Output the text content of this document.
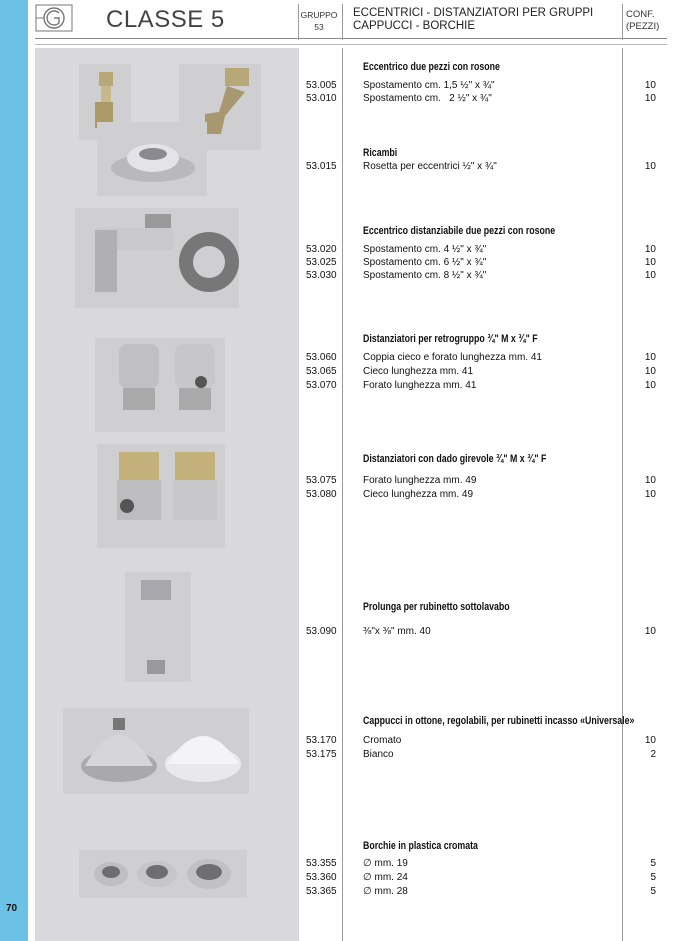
70
CLASSE 5	GRUPPO
53
ECCENTRICI - DISTANZIATORI PER GRUPPI
CAPPUCCI - BORCHIE
CONF.
(PEZZI)
Eccentrico due pezzi con rosone
Ricambi
Eccentrico distanziabile due pezzi con rosone
Distanziatori per retrogruppo ¾" M x ¾" F
Distanziatori con dado girevole ¾" M x ¾" F
Prolunga per rubinetto sottolavabo
Cappucci in ottone, regolabili, per rubinetti incasso «Universale»
Borchie in plastica cromata
53.005	Spostamento cm. 1,5 ½" x ¾"	10
53.010	Spostamento cm.   2 ½" x ¾"	10
53.015	Rosetta per eccentrici ½" x ¾"	10
53.020	Spostamento cm. 4 ½" x ¾"	10
53.025	Spostamento cm. 6 ½" x ¾"	10
53.030	Spostamento cm. 8 ½" x ¾"	10
53.060	Coppia cieco e forato lunghezza mm. 41	10
53.065	Cieco lunghezza mm. 41	10
53.070	Forato lunghezza mm. 41	10
53.075	Forato lunghezza mm. 49	10
53.080	Cieco lunghezza mm. 49	10
53.090	⅜"x ⅜" mm. 40	10
53.170	Cromato	10
53.175	Bianco	2
53.355	∅ mm. 19	5
53.360	∅ mm. 24	5
53.365	∅ mm. 28	5
